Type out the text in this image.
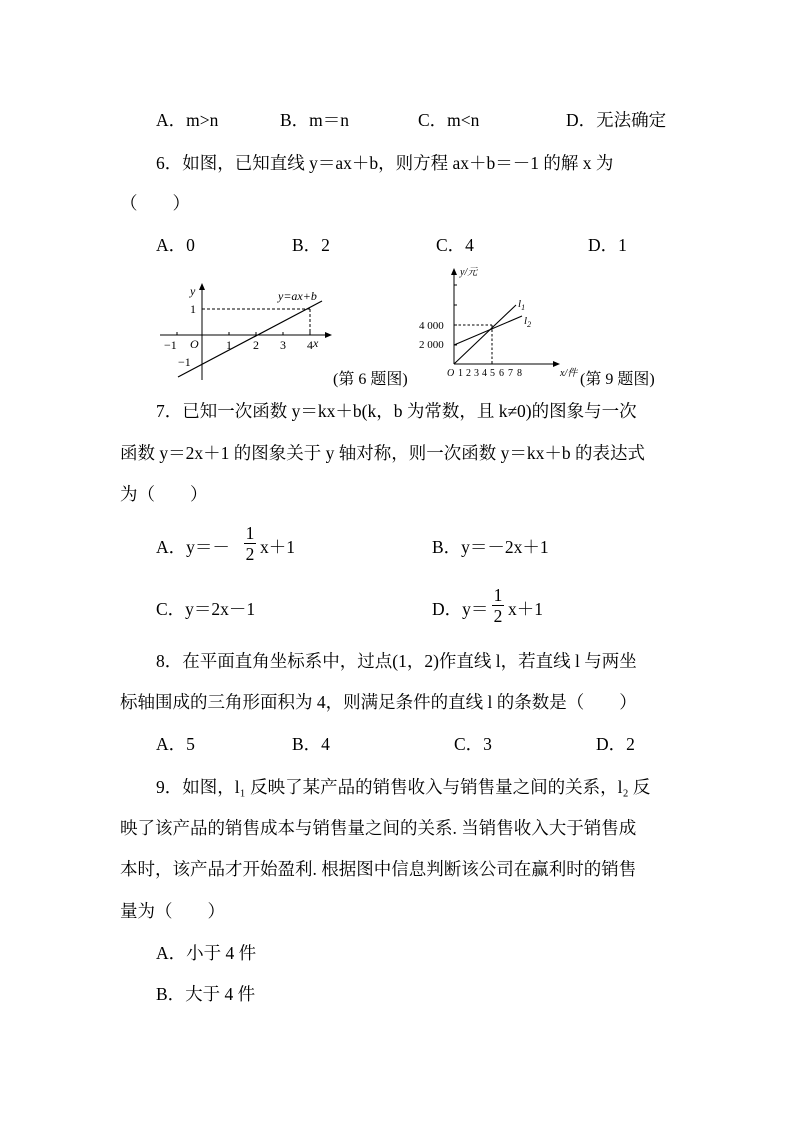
A．m>n	B．m＝n	C．m<n	D．无法确定
6．如图，已知直线 y＝ax＋b，则方程 ax＋b＝－1 的解 x 为
（　　）
A．0	B．2	C．4	D．1
y=ax+b
y
x
O
−1	1 2 3 4
1
−1
(第 6 题图)
y/元
x/件
O
4 000
2 000
1 2 3 4 5 6 7 8
$l_1$
$l_2$
(第 9 题图)
7．已知一次函数 y＝kx＋b(k，b 为常数，且 k≠0)的图象与一次
函数 y＝2x＋1 的图象关于 y 轴对称，则一次函数 y＝kx＋b 的表达式
为（　　）
A．y＝－ x＋1	B．y＝－2x＋1
1
2
C．y＝2x－1	D．y＝ x＋1
1
2
8．在平面直角坐标系中，过点(1，2)作直线 l，若直线 l 与两坐
标轴围成的三角形面积为 4，则满足条件的直线 l 的条数是（　　）
A．5	B．4	C．3	D．2
9．如图，l₁ 反映了某产品的销售收入与销售量之间的关系，l₂ 反
映了该产品的销售成本与销售量之间的关系. 当销售收入大于销售成
本时，该产品才开始盈利. 根据图中信息判断该公司在赢利时的销售
量为（　　）
A．小于 4 件
B．大于 4 件
